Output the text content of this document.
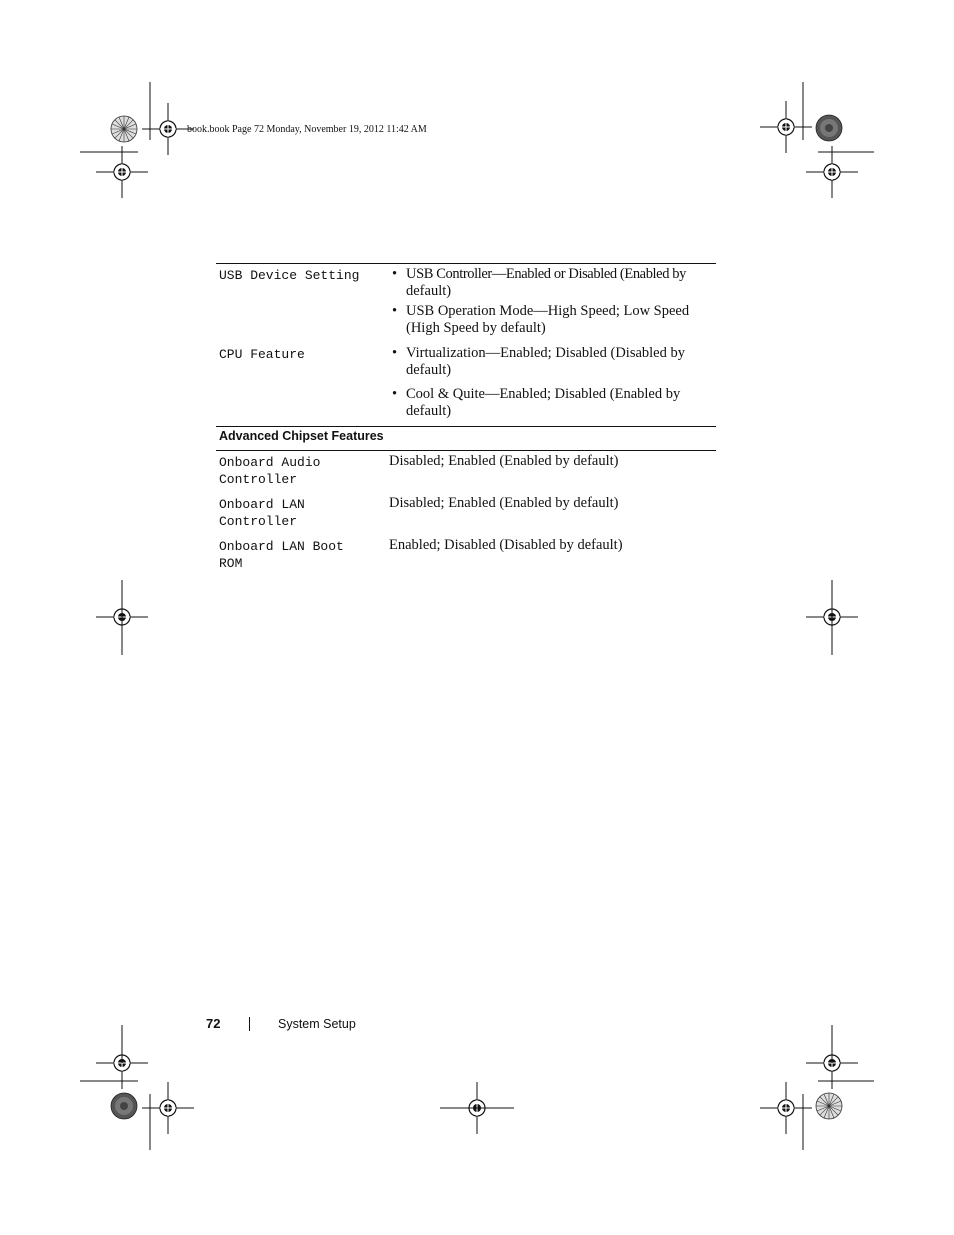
book.book Page 72 Monday, November 19, 2012 11:42 AM
USB Device Setting • USB Controller—Enabled or Disabled (Enabled by
default)
• USB Operation Mode—High Speed; Low Speed
(High Speed by default)
CPU Feature	• Virtualization—Enabled; Disabled (Disabled by
default)
• Cool & Quite—Enabled; Disabled (Enabled by
default)
Advanced Chipset Features
Onboard Audio
Controller
Disabled; Enabled (Enabled by default)
Onboard LAN
Controller
Disabled; Enabled (Enabled by default)
Onboard LAN Boot
ROM
Enabled; Disabled (Disabled by default)
72	System Setup
